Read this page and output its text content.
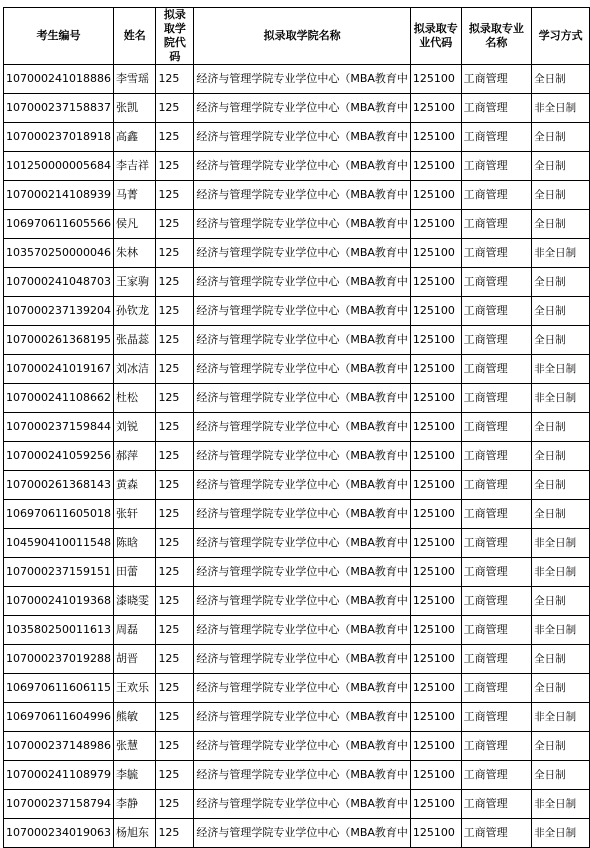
考生编号	姓名	拟录取学院代码	拟录取学院名称	拟录取专业代码	拟录取专业名称	学习方式
107000241018886	李雪瑶	125	经济与管理学院专业学位中心（MBA教育中	125100	工商管理	全日制
107000237158837	张凯	125	经济与管理学院专业学位中心（MBA教育中	125100	工商管理	非全日制
107000237018918	高鑫	125	经济与管理学院专业学位中心（MBA教育中	125100	工商管理	全日制
101250000005684	李吉祥	125	经济与管理学院专业学位中心（MBA教育中	125100	工商管理	全日制
107000214108939	马菁	125	经济与管理学院专业学位中心（MBA教育中	125100	工商管理	全日制
106970611605566	侯凡	125	经济与管理学院专业学位中心（MBA教育中	125100	工商管理	全日制
103570250000046	朱林	125	经济与管理学院专业学位中心（MBA教育中	125100	工商管理	非全日制
107000241048703	王家驹	125	经济与管理学院专业学位中心（MBA教育中	125100	工商管理	全日制
107000237139204	孙钦龙	125	经济与管理学院专业学位中心（MBA教育中	125100	工商管理	全日制
107000261368195	张晶蕊	125	经济与管理学院专业学位中心（MBA教育中	125100	工商管理	全日制
107000241019167	刘冰洁	125	经济与管理学院专业学位中心（MBA教育中	125100	工商管理	非全日制
107000241108662	杜松	125	经济与管理学院专业学位中心（MBA教育中	125100	工商管理	非全日制
107000237159844	刘锐	125	经济与管理学院专业学位中心（MBA教育中	125100	工商管理	全日制
107000241059256	郝萍	125	经济与管理学院专业学位中心（MBA教育中	125100	工商管理	全日制
107000261368143	黄森	125	经济与管理学院专业学位中心（MBA教育中	125100	工商管理	全日制
106970611605018	张轩	125	经济与管理学院专业学位中心（MBA教育中	125100	工商管理	全日制
104590410011548	陈晗	125	经济与管理学院专业学位中心（MBA教育中	125100	工商管理	非全日制
107000237159151	田蕾	125	经济与管理学院专业学位中心（MBA教育中	125100	工商管理	非全日制
107000241019368	漆晓雯	125	经济与管理学院专业学位中心（MBA教育中	125100	工商管理	全日制
103580250011613	周磊	125	经济与管理学院专业学位中心（MBA教育中	125100	工商管理	非全日制
107000237019288	胡晋	125	经济与管理学院专业学位中心（MBA教育中	125100	工商管理	全日制
106970611606115	王欢乐	125	经济与管理学院专业学位中心（MBA教育中	125100	工商管理	全日制
106970611604996	熊敏	125	经济与管理学院专业学位中心（MBA教育中	125100	工商管理	非全日制
107000237148986	张慧	125	经济与管理学院专业学位中心（MBA教育中	125100	工商管理	全日制
107000241108979	李毓	125	经济与管理学院专业学位中心（MBA教育中	125100	工商管理	全日制
107000237158794	李静	125	经济与管理学院专业学位中心（MBA教育中	125100	工商管理	非全日制
107000234019063	杨旭东	125	经济与管理学院专业学位中心（MBA教育中	125100	工商管理	非全日制
